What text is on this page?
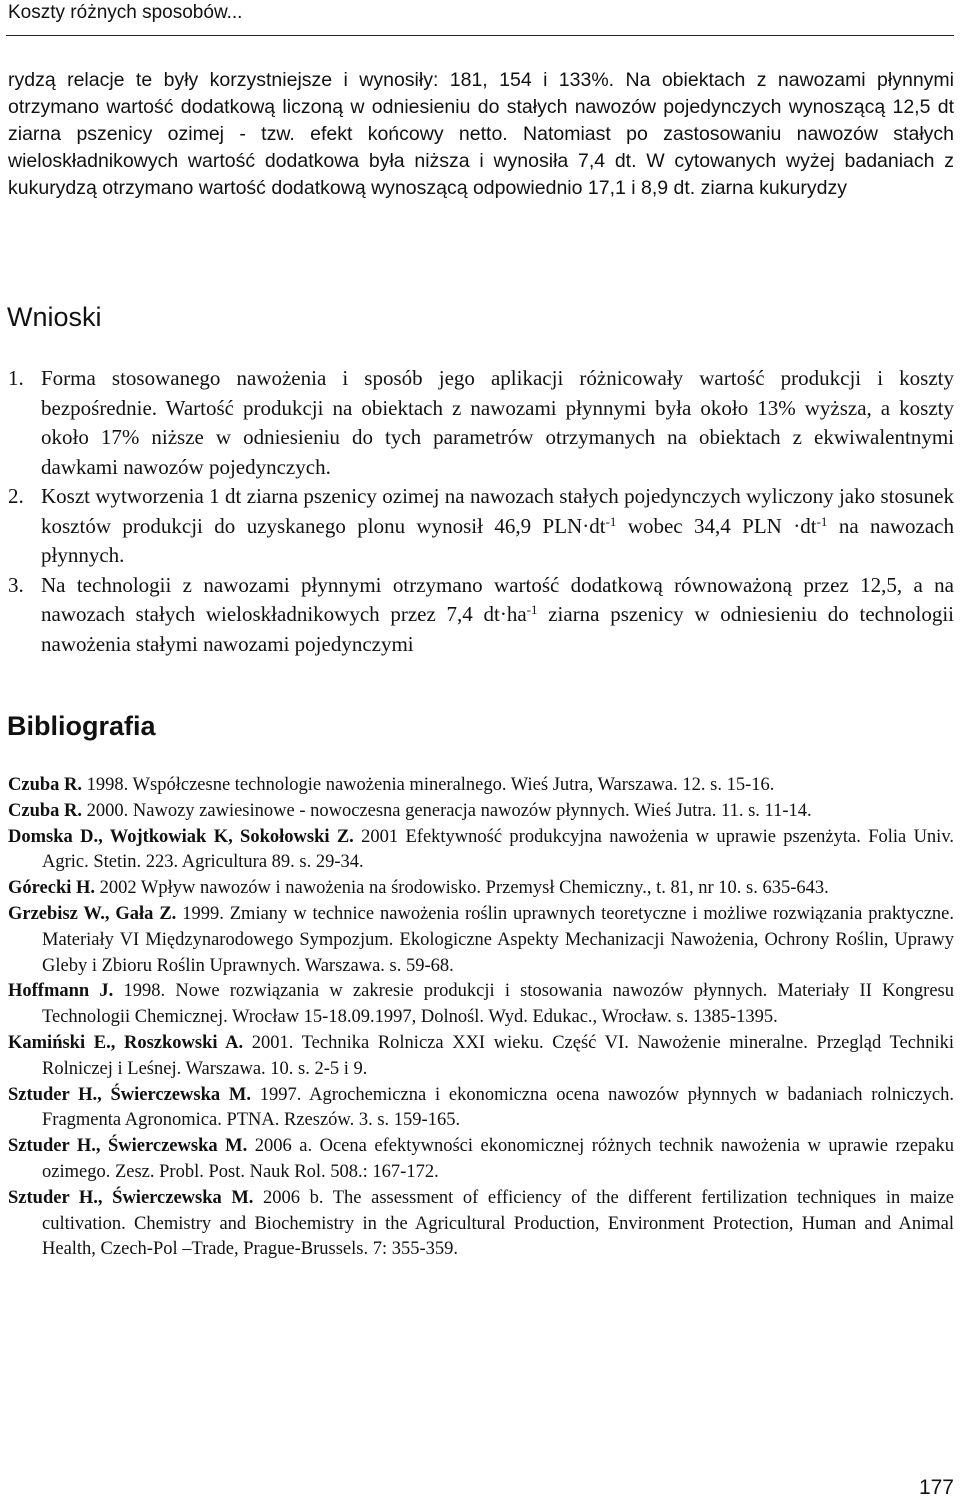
Koszty różnych sposobów...

rydzą relacje te były korzystniejsze i wynosiły: 181, 154 i 133%. Na obiektach z nawozami płynnymi otrzymano wartość dodatkową liczoną w odniesieniu do stałych nawozów pojedynczych wynoszącą 12,5 dt ziarna pszenicy ozimej - tzw. efekt końcowy netto. Natomiast po zastosowaniu nawozów stałych wieloskładnikowych wartość dodatkowa była niższa i wynosiła 7,4 dt. W cytowanych wyżej badaniach z kukurydzą otrzymano wartość dodatkową wynoszącą odpowiednio 17,1 i 8,9 dt. ziarna kukurydzy

Wnioski
1. Forma stosowanego nawożenia i sposób jego aplikacji różnicowały wartość produkcji i koszty bezpośrednie. Wartość produkcji na obiektach z nawozami płynnymi była około 13% wyższa, a koszty około 17% niższe w odniesieniu do tych parametrów otrzymanych na obiektach z ekwiwalentnymi dawkami nawozów pojedynczych.
2. Koszt wytworzenia 1 dt ziarna pszenicy ozimej na nawozach stałych pojedynczych wyliczony jako stosunek kosztów produkcji do uzyskanego plonu wynosił 46,9 $PLN\cdot dt^{-1}$ wobec 34,4 PLN $\cdot dt^{-1}$ na nawozach płynnych.
3. Na technologii z nawozami płynnymi otrzymano wartość dodatkową równoważoną przez 12,5, a na nawozach stałych wieloskładnikowych przez 7,4 $dt\cdot ha^{-1}$ ziarna pszenicy w odniesieniu do technologii nawożenia stałymi nawozami pojedynczymi
Bibliografia
Czuba R. 1998. Współczesne technologie nawożenia mineralnego. Wieś Jutra, Warszawa. 12. s. 15-16.
Czuba R. 2000. Nawozy zawiesinowe - nowoczesna generacja nawozów płynnych. Wieś Jutra. 11. s. 11-14.
Domska D., Wojtkowiak K, Sokołowski Z. 2001 Efektywność produkcyjna nawożenia w uprawie pszenżyta. Folia Univ. Agric. Stetin. 223. Agricultura 89. s. 29-34.
Górecki H. 2002 Wpływ nawozów i nawożenia na środowisko. Przemysł Chemiczny., t. 81, nr 10. s. 635-643.
Grzebisz W., Gała Z. 1999. Zmiany w technice nawożenia roślin uprawnych teoretyczne i możliwe rozwiązania praktyczne. Materiały VI Międzynarodowego Sympozjum. Ekologiczne Aspekty Mechanizacji Nawożenia, Ochrony Roślin, Uprawy Gleby i Zbioru Roślin Uprawnych. Warszawa. s. 59-68.
Hoffmann J. 1998. Nowe rozwiązania w zakresie produkcji i stosowania nawozów płynnych. Materiały II Kongresu Technologii Chemicznej. Wrocław 15-18.09.1997, Dolnośl. Wyd. Edukac., Wrocław. s. 1385-1395.
Kamiński E., Roszkowski A. 2001. Technika Rolnicza XXI wieku. Część VI. Nawożenie mineralne. Przegląd Techniki Rolniczej i Leśnej. Warszawa. 10. s. 2-5 i 9.
Sztuder H., Świerczewska M. 1997. Agrochemiczna i ekonomiczna ocena nawozów płynnych w badaniach rolniczych. Fragmenta Agronomica. PTNA. Rzeszów. 3. s. 159-165.
Sztuder H., Świerczewska M. 2006 a. Ocena efektywności ekonomicznej różnych technik nawożenia w uprawie rzepaku ozimego. Zesz. Probl. Post. Nauk Rol. 508.: 167-172.
Sztuder H., Świerczewska M. 2006 b. The assessment of efficiency of the different fertilization techniques in maize cultivation. Chemistry and Biochemistry in the Agricultural Production, Environment Protection, Human and Animal Health, Czech-Pol –Trade, Prague-Brussels. 7: 355-359.
177
